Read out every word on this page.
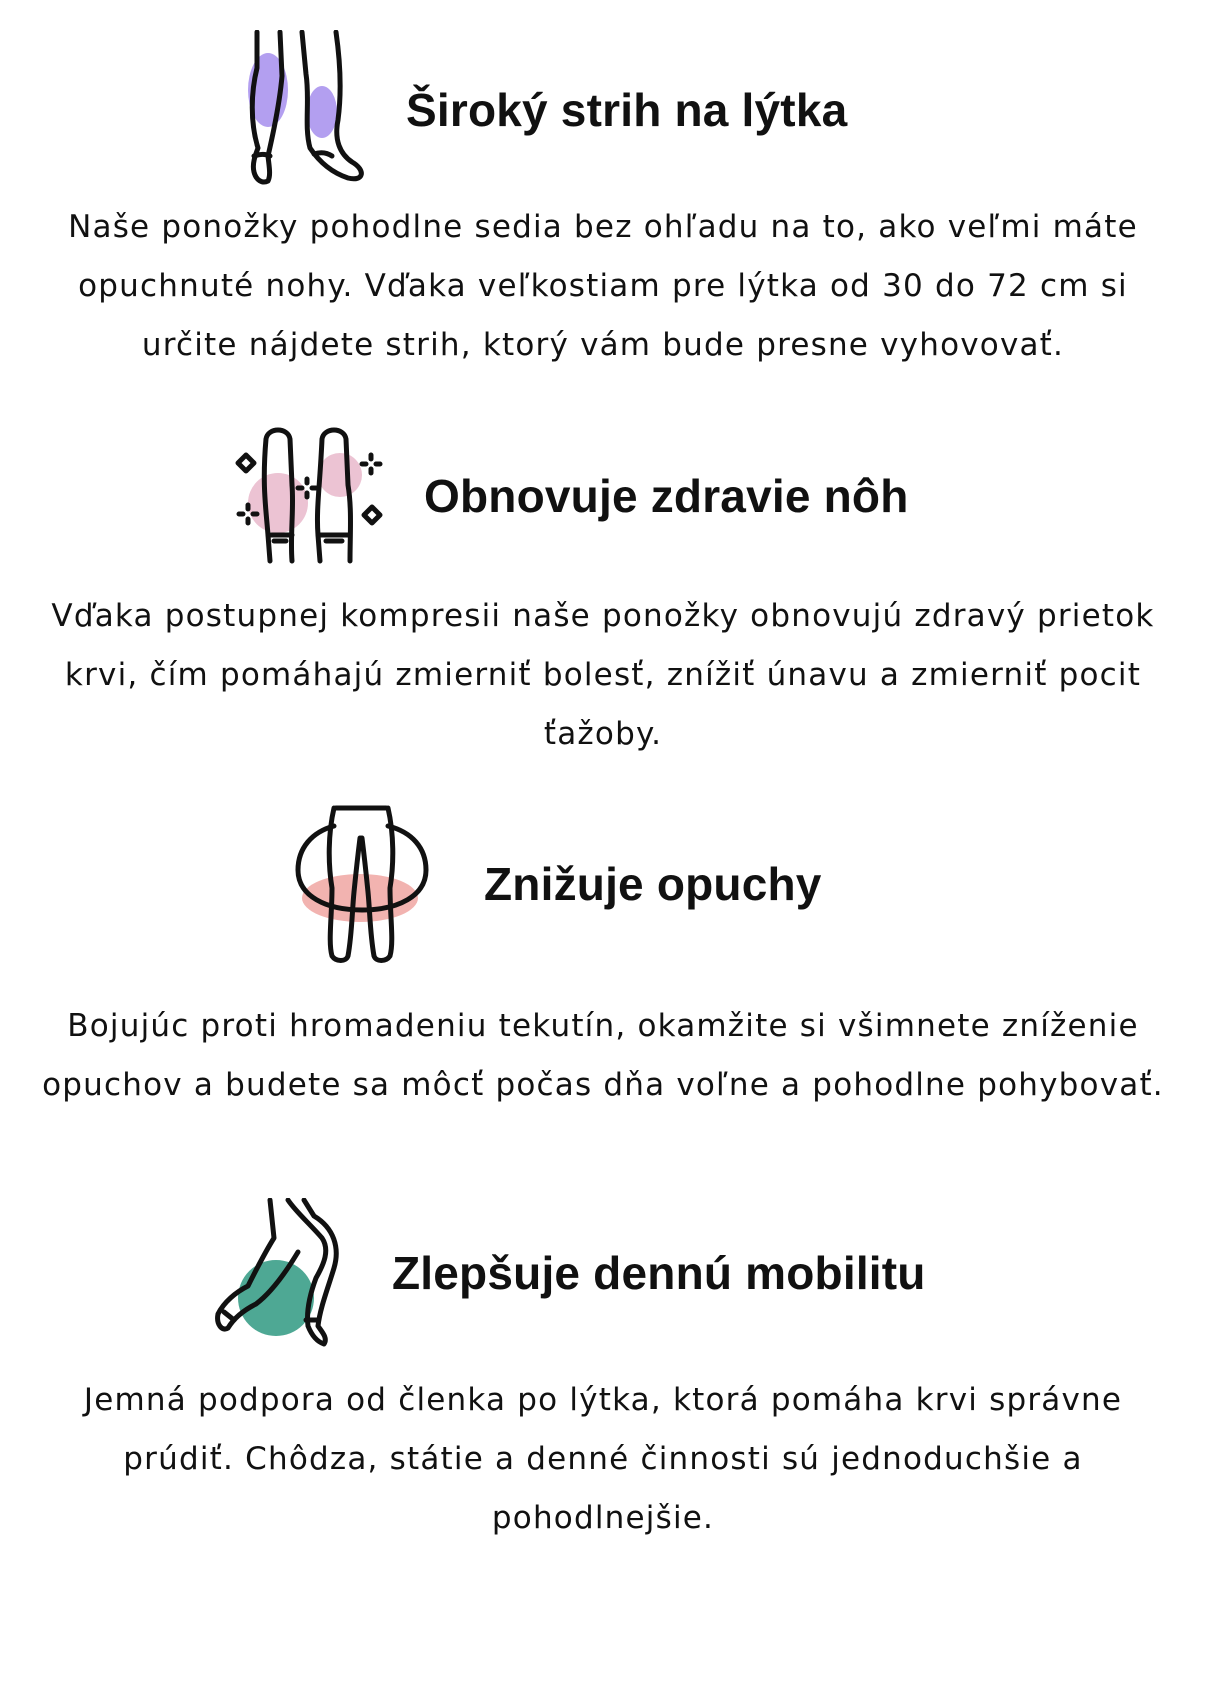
Široký strih na lýtka

Naše ponožky pohodlne sedia bez ohľadu na to, ako veľmi máte opuchnuté nohy. Vďaka veľkostiam pre lýtka od 30 do 72 cm si určite nájdete strih, ktorý vám bude presne vyhovovať.

Obnovuje zdravie nôh

Vďaka postupnej kompresii naše ponožky obnovujú zdravý prietok krvi, čím pomáhajú zmierniť bolesť, znížiť únavu a zmierniť pocit ťažoby.

Znižuje opuchy

Bojujúc proti hromadeniu tekutín, okamžite si všimnete zníženie opuchov a budete sa môcť počas dňa voľne a pohodlne pohybovať.

Zlepšuje dennú mobilitu

Jemná podpora od členka po lýtka, ktorá pomáha krvi správne prúdiť. Chôdza, státie a denné činnosti sú jednoduchšie a pohodlnejšie.
